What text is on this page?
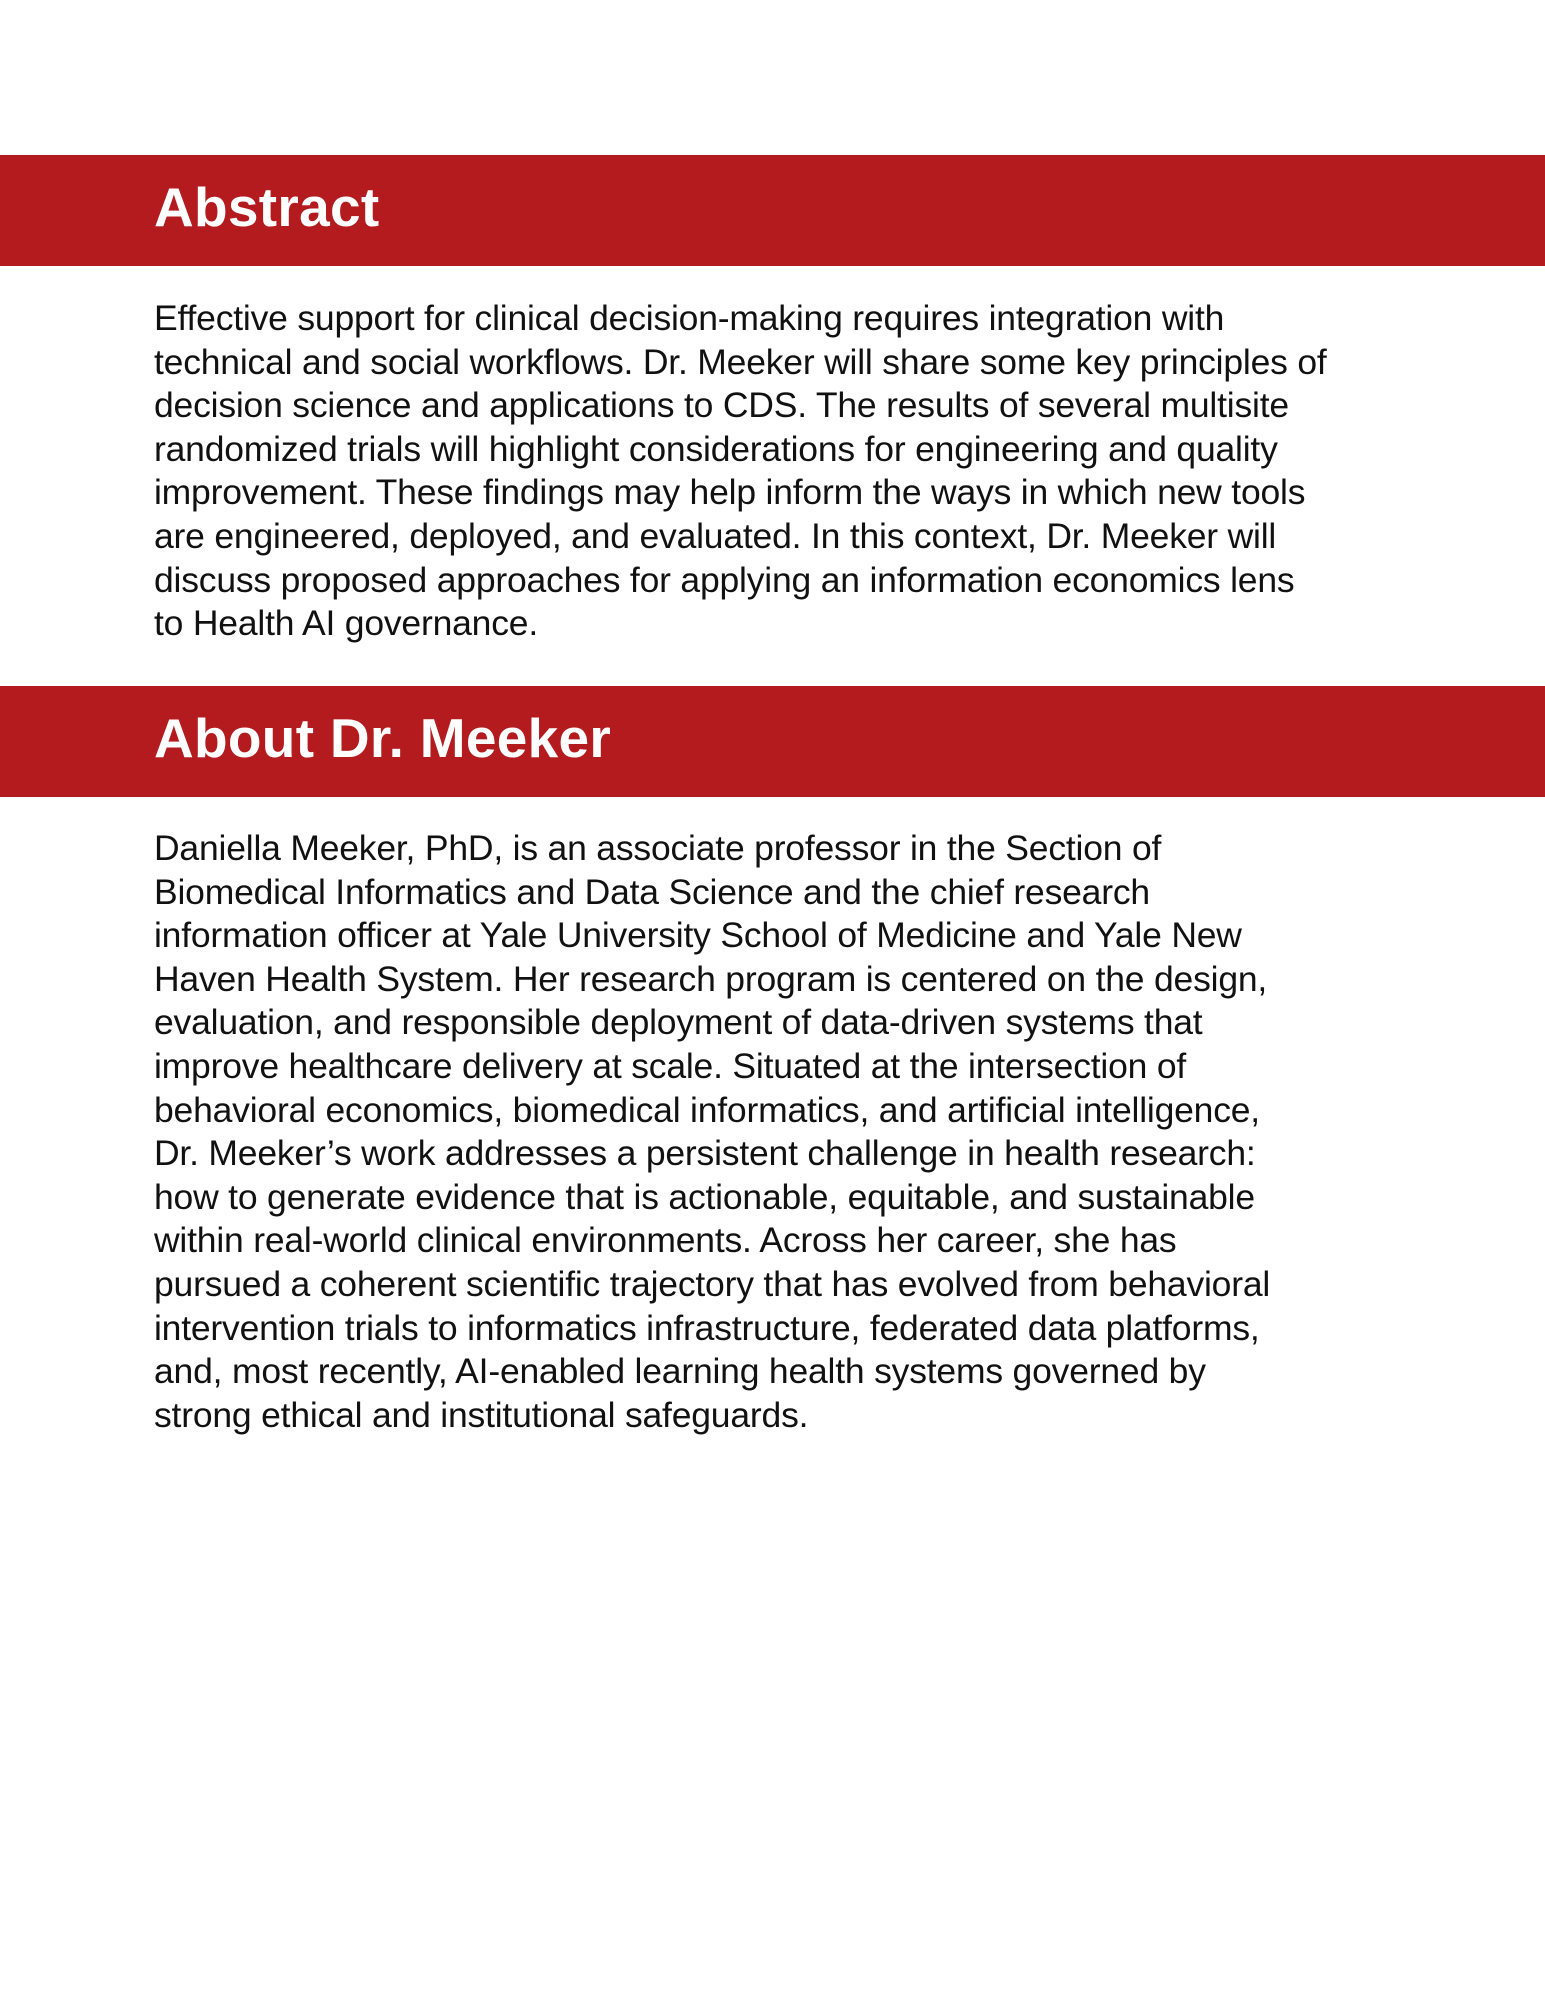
Abstract

Effective support for clinical decision-making requires integration with
technical and social workflows. Dr. Meeker will share some key principles of
decision science and applications to CDS. The results of several multisite
randomized trials will highlight considerations for engineering and quality
improvement. These findings may help inform the ways in which new tools
are engineered, deployed, and evaluated. In this context, Dr. Meeker will
discuss proposed approaches for applying an information economics lens
to Health AI governance.

About Dr. Meeker

Daniella Meeker, PhD, is an associate professor in the Section of
Biomedical Informatics and Data Science and the chief research
information officer at Yale University School of Medicine and Yale New
Haven Health System. Her research program is centered on the design,
evaluation, and responsible deployment of data-driven systems that
improve healthcare delivery at scale. Situated at the intersection of
behavioral economics, biomedical informatics, and artificial intelligence,
Dr. Meeker’s work addresses a persistent challenge in health research:
how to generate evidence that is actionable, equitable, and sustainable
within real-world clinical environments. Across her career, she has
pursued a coherent scientific trajectory that has evolved from behavioral
intervention trials to informatics infrastructure, federated data platforms,
and, most recently, AI-enabled learning health systems governed by
strong ethical and institutional safeguards.
